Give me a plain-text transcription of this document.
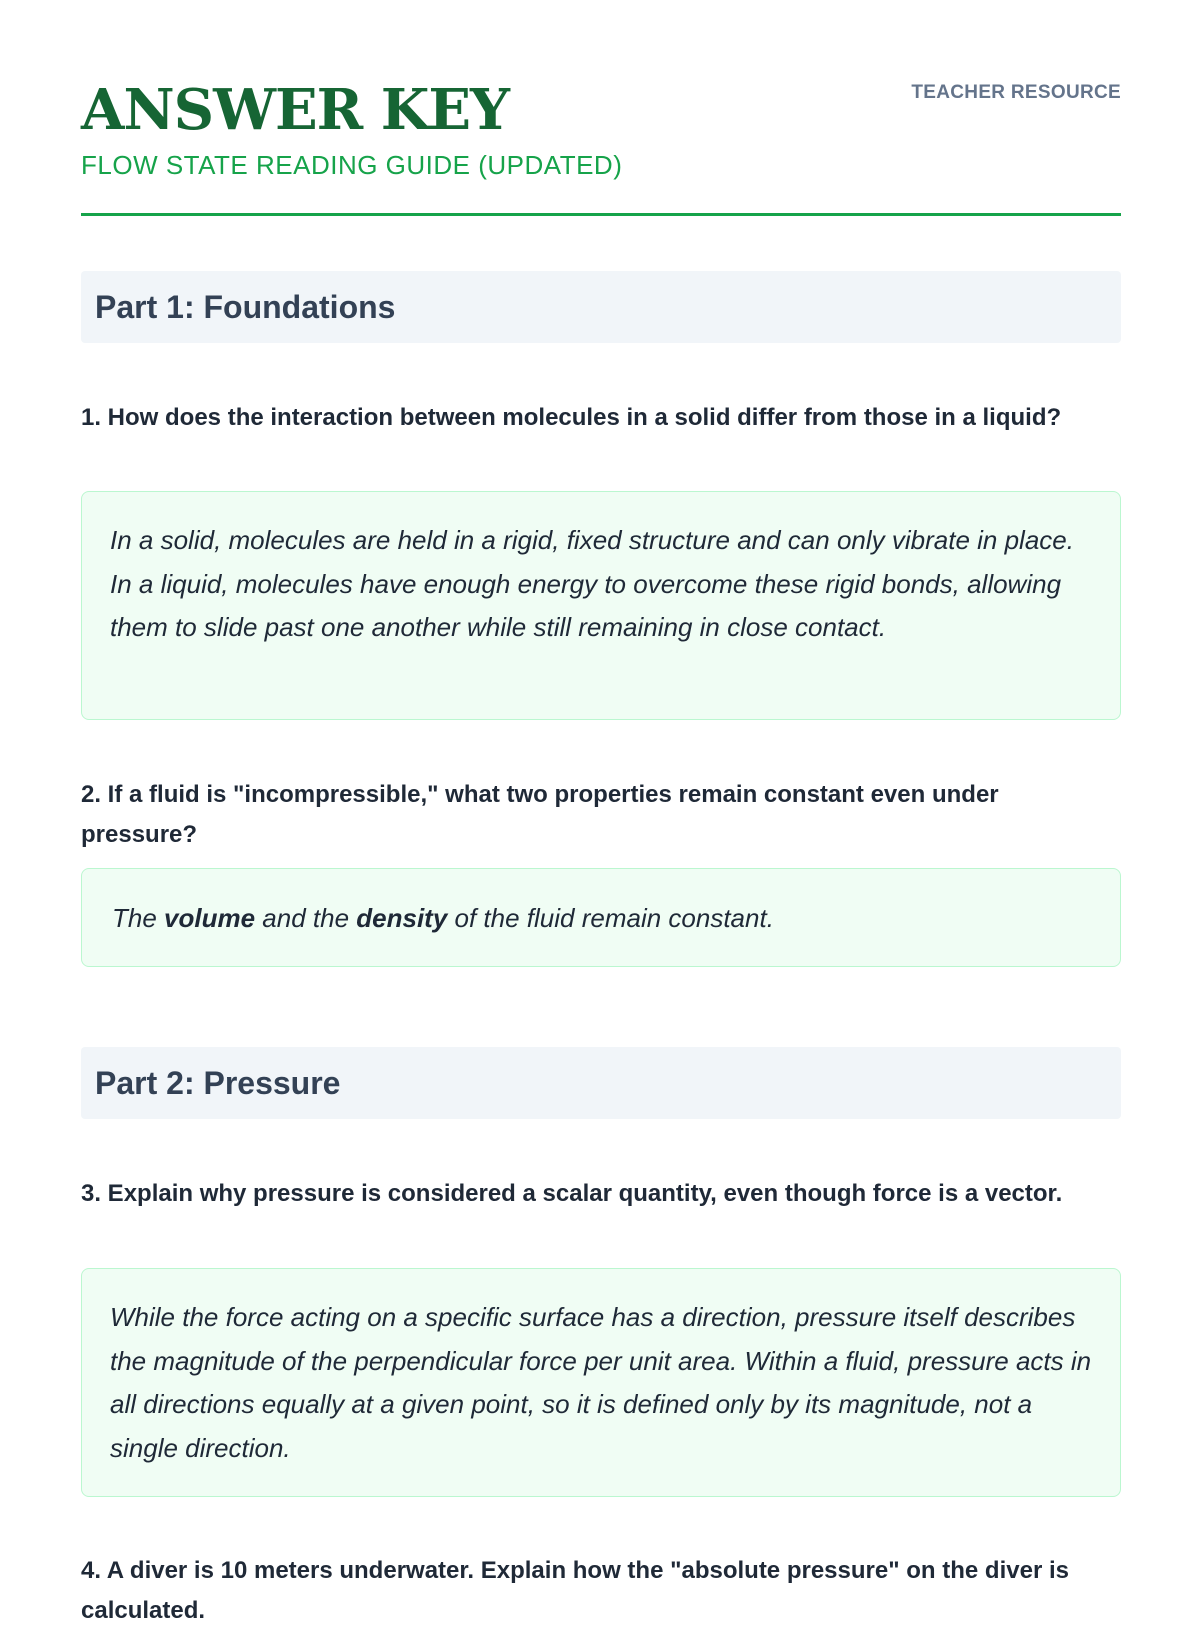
ANSWER KEY
FLOW STATE READING GUIDE (UPDATED)
TEACHER RESOURCE
Part 1: Foundations

1. How does the interaction between molecules in a solid differ from those in a liquid?

In a solid, molecules are held in a rigid, fixed structure and can only vibrate in place. In a liquid, molecules have enough energy to overcome these rigid bonds, allowing them to slide past one another while still remaining in close contact.

2. If a fluid is "incompressible," what two properties remain constant even under pressure?

The volume and the density of the fluid remain constant.
Part 2: Pressure

3. Explain why pressure is considered a scalar quantity, even though force is a vector.

While the force acting on a specific surface has a direction, pressure itself describes the magnitude of the perpendicular force per unit area. Within a fluid, pressure acts in all directions equally at a given point, so it is defined only by its magnitude, not a single direction.

4. A diver is 10 meters underwater. Explain how the "absolute pressure" on the diver is calculated.
